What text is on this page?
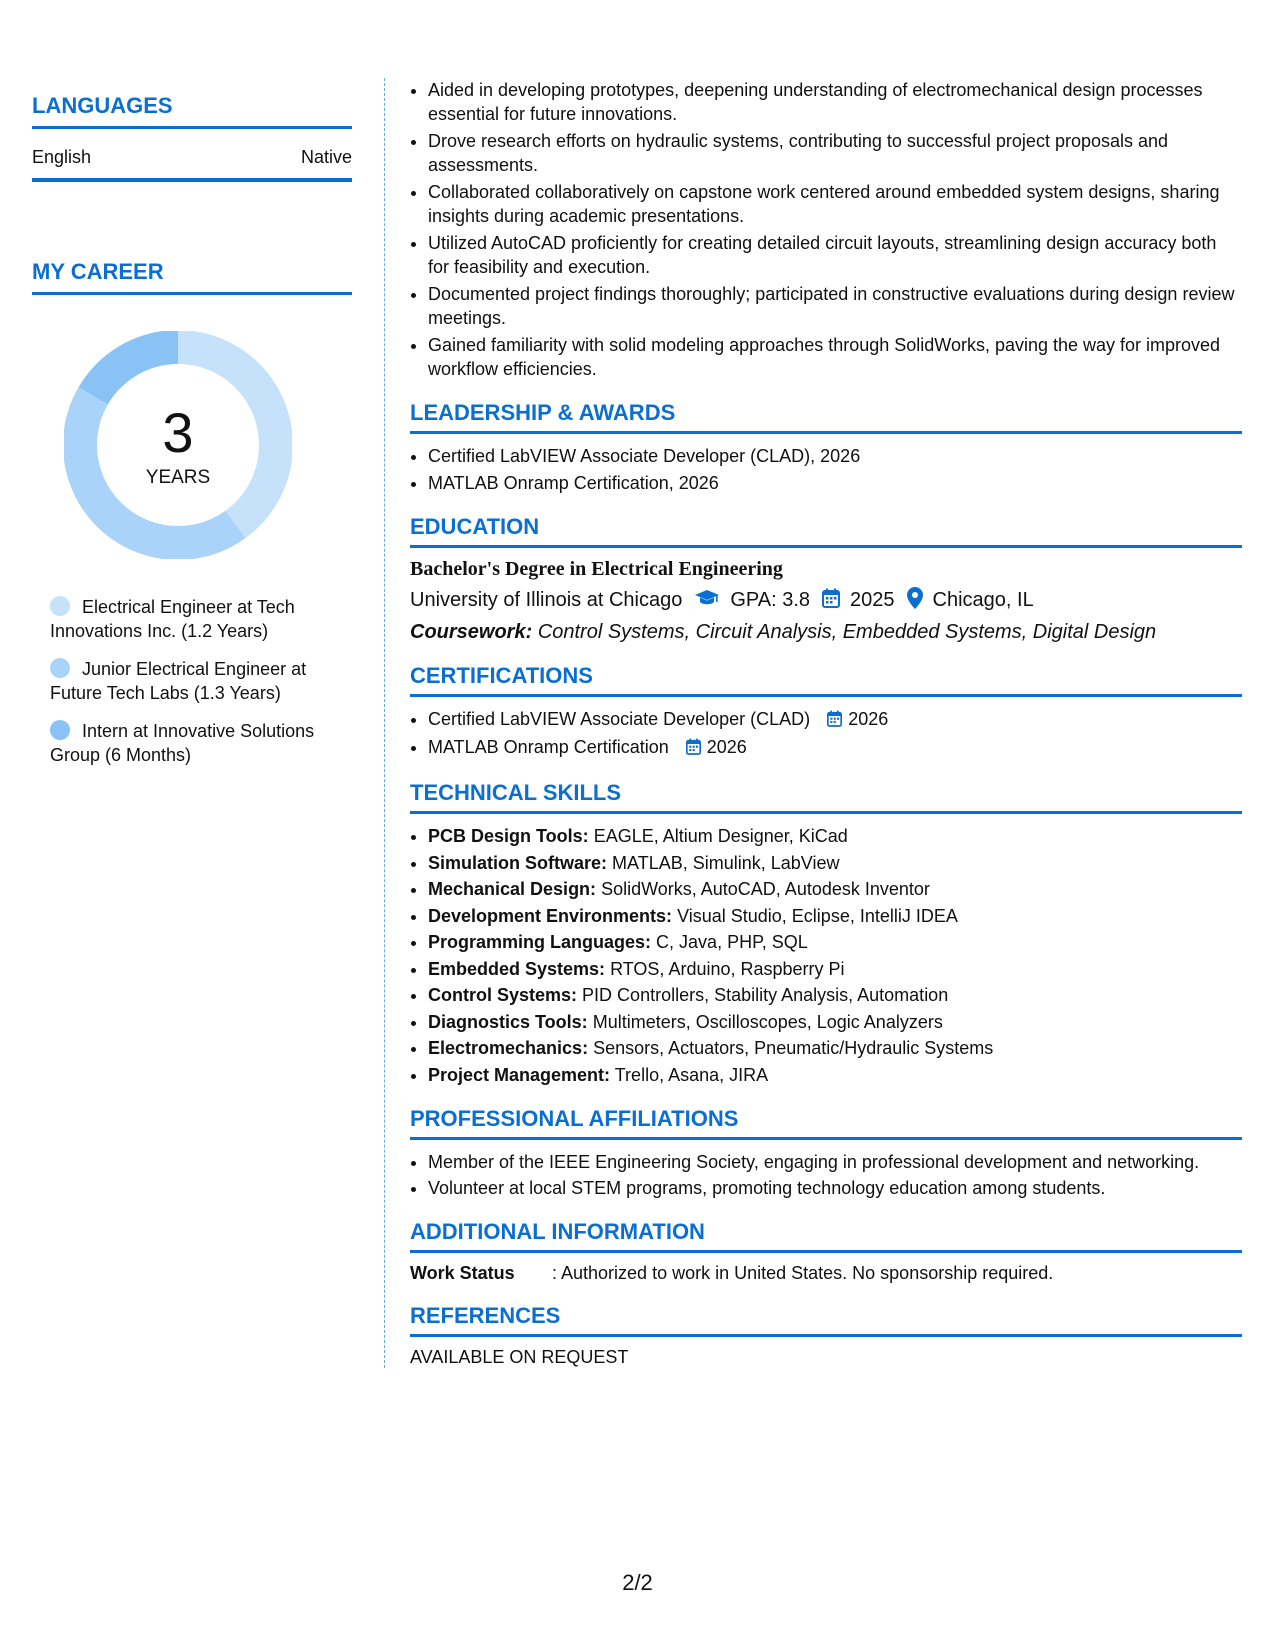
LANGUAGES
English	Native
MY CAREER
3
YEARS
Electrical Engineer at Tech Innovations Inc. (1.2 Years)
Junior Electrical Engineer at Future Tech Labs (1.3 Years)
Intern at Innovative Solutions Group (6 Months)
• Aided in developing prototypes, deepening understanding of electromechanical design processes essential for future innovations.
• Drove research efforts on hydraulic systems, contributing to successful project proposals and assessments.
• Collaborated collaboratively on capstone work centered around embedded system designs, sharing insights during academic presentations.
• Utilized AutoCAD proficiently for creating detailed circuit layouts, streamlining design accuracy both for feasibility and execution.
• Documented project findings thoroughly; participated in constructive evaluations during design review meetings.
• Gained familiarity with solid modeling approaches through SolidWorks, paving the way for improved workflow efficiencies.
LEADERSHIP & AWARDS
• Certified LabVIEW Associate Developer (CLAD), 2026
• MATLAB Onramp Certification, 2026
EDUCATION
Bachelor's Degree in Electrical Engineering
University of Illinois at Chicago GPA: 3.8 2025 Chicago, IL
Coursework: Control Systems, Circuit Analysis, Embedded Systems, Digital Design
CERTIFICATIONS
• Certified LabVIEW Associate Developer (CLAD) 2026
• MATLAB Onramp Certification 2026
TECHNICAL SKILLS
• PCB Design Tools: EAGLE, Altium Designer, KiCad
• Simulation Software: MATLAB, Simulink, LabView
• Mechanical Design: SolidWorks, AutoCAD, Autodesk Inventor
• Development Environments: Visual Studio, Eclipse, IntelliJ IDEA
• Programming Languages: C, Java, PHP, SQL
• Embedded Systems: RTOS, Arduino, Raspberry Pi
• Control Systems: PID Controllers, Stability Analysis, Automation
• Diagnostics Tools: Multimeters, Oscilloscopes, Logic Analyzers
• Electromechanics: Sensors, Actuators, Pneumatic/Hydraulic Systems
• Project Management: Trello, Asana, JIRA
PROFESSIONAL AFFILIATIONS
• Member of the IEEE Engineering Society, engaging in professional development and networking.
• Volunteer at local STEM programs, promoting technology education among students.
ADDITIONAL INFORMATION
Work Status	: Authorized to work in United States. No sponsorship required.
REFERENCES
AVAILABLE ON REQUEST
2/2
